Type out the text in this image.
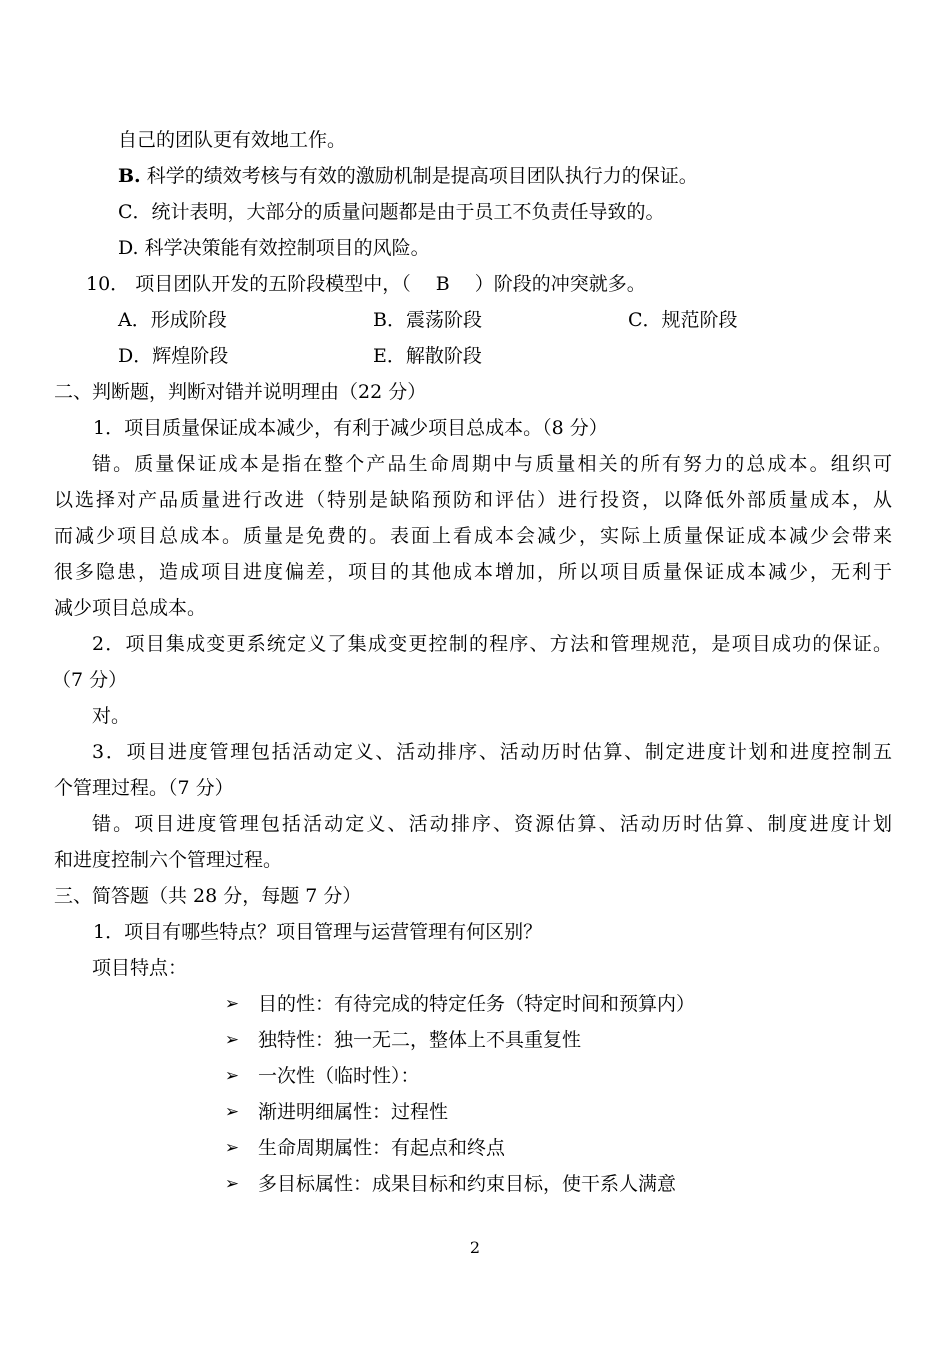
自己的团队更有效地工作。
B. 科学的绩效考核与有效的激励机制是提高项目团队执行力的保证。
C．统计表明，大部分的质量问题都是由于员工不负责任导致的。
D. 科学决策能有效控制项目的风险。
10． 项目团队开发的五阶段模型中，（ B ）阶段的冲突就多。
A．形成阶段	B．震荡阶段	C．规范阶段
D．辉煌阶段	E．解散阶段
二、判断题，判断对错并说明理由（22 分）
1．项目质量保证成本减少，有利于减少项目总成本。（8 分）
错。质量保证成本是指在整个产品生命周期中与质量相关的所有努力的总成本。组织可
以选择对产品质量进行改进（特别是缺陷预防和评估）进行投资，以降低外部质量成本，从
而减少项目总成本。质量是免费的。表面上看成本会减少，实际上质量保证成本减少会带来
很多隐患，造成项目进度偏差，项目的其他成本增加，所以项目质量保证成本减少，无利于
减少项目总成本。
2．项目集成变更系统定义了集成变更控制的程序、方法和管理规范，是项目成功的保证。
（7 分）
对。
3．项目进度管理包括活动定义、活动排序、活动历时估算、制定进度计划和进度控制五
个管理过程。（7 分）
错。项目进度管理包括活动定义、活动排序、资源估算、活动历时估算、制度进度计划
和进度控制六个管理过程。
三、简答题（共 28 分，每题 7 分）
1．项目有哪些特点？项目管理与运营管理有何区别？
项目特点：
➢ 目的性：有待完成的特定任务（特定时间和预算内）
➢ 独特性：独一无二，整体上不具重复性
➢ 一次性（临时性）：
➢ 渐进明细属性：过程性
➢ 生命周期属性：有起点和终点
➢ 多目标属性：成果目标和约束目标，使干系人满意
2
